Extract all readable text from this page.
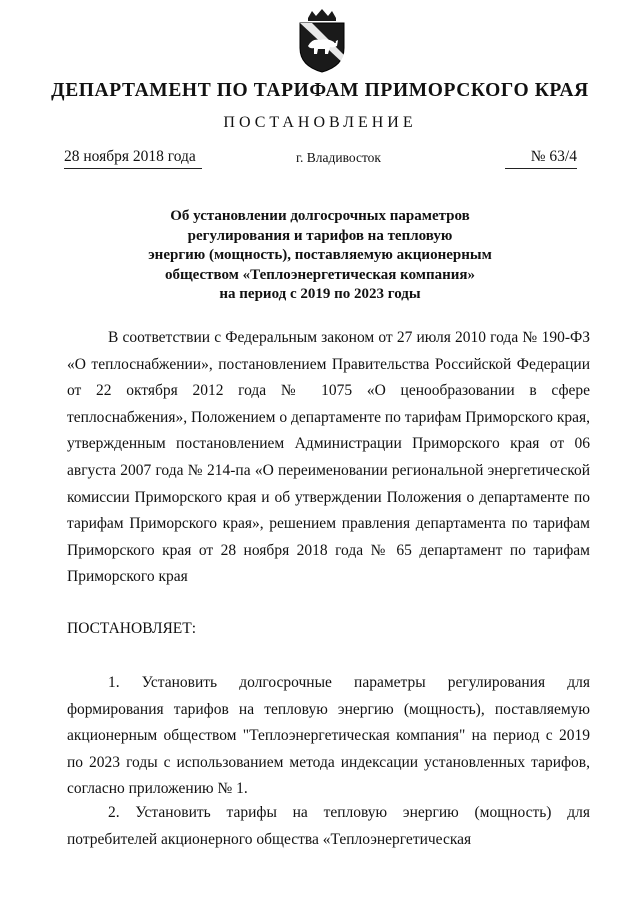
ДЕПАРТАМЕНТ ПО ТАРИФАМ ПРИМОРСКОГО КРАЯ
ПОСТАНОВЛЕНИЕ
28 ноября 2018 года	г. Владивосток	№ 63/4
Об установлении долгосрочных параметров
регулирования и тарифов на тепловую
энергию (мощность), поставляемую акционерным
обществом «Теплоэнергетическая компания»
на период с 2019 по 2023 годы
В соответствии с Федеральным законом от 27 июля 2010 года № 190-ФЗ «О теплоснабжении», постановлением Правительства Российской Федерации от 22 октября 2012 года № 1075 «О ценообразовании в сфере теплоснабжения», Положением о департаменте по тарифам Приморского края, утвержденным постановлением Администрации Приморского края от 06 августа 2007 года № 214-па «О переименовании региональной энергетической комиссии Приморского края и об утверждении Положения о департаменте по тарифам Приморского края», решением правления департамента по тарифам Приморского края от 28 ноября 2018 года № 65 департамент по тарифам Приморского края
ПОСТАНОВЛЯЕТ:
1. Установить долгосрочные параметры регулирования для формирования тарифов на тепловую энергию (мощность), поставляемую акционерным обществом "Теплоэнергетическая компания" на период с 2019 по 2023 годы с использованием метода индексации установленных тарифов, согласно приложению № 1.
2. Установить тарифы на тепловую энергию (мощность) для потребителей акционерного общества «Теплоэнергетическая
